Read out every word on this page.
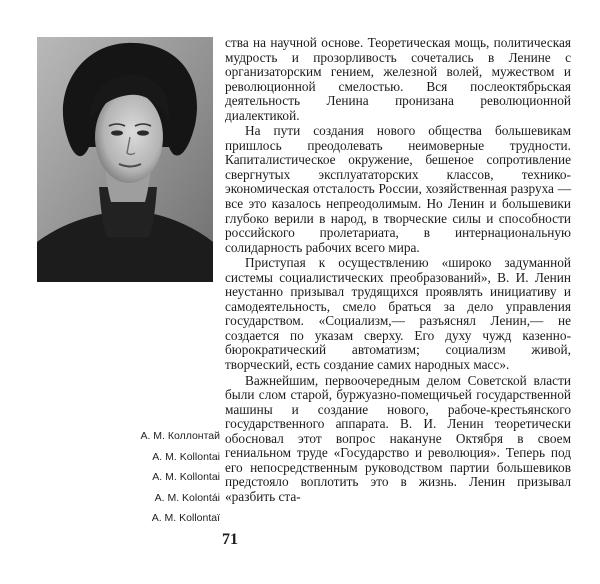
А. М. Коллонтай
A. M. Kollontai
A. M. Kollontai
A. M. Kolontái
A. M. Kollontaï

ства на научной основе. Теоретическая мощь, политическая мудрость и прозорливость сочетались в Ленине с организаторским гением, железной волей, мужеством и революционной смелостью. Вся послеоктябрьская деятельность Ленина пронизана революционной диалектикой.

На пути создания нового общества большевикам пришлось преодолевать неимоверные трудности. Капиталистическое окружение, бешеное сопротивление свергнутых эксплуататорских классов, технико-экономическая отсталость России, хозяйственная разруха — все это казалось непреодолимым. Но Ленин и большевики глубоко верили в народ, в творческие силы и способности российского пролетариата, в интернациональную солидарность рабочих всего мира.

Приступая к осуществлению «широко задуманной системы социалистических преобразований», В. И. Ленин неустанно призывал трудящихся проявлять инициативу и самодеятельность, смело браться за дело управления государством. «Социализм,— разъяснял Ленин,— не создается по указам сверху. Его духу чужд казенно-бюрократический автоматизм; социализм живой, творческий, есть создание самих народных масс».

Важнейшим, первоочередным делом Советской власти были слом старой, буржуазно-помещичьей государственной машины и создание нового, рабоче-крестьянского государственного аппарата. В. И. Ленин теоретически обосновал этот вопрос накануне Октября в своем гениальном труде «Государство и революция». Теперь под его непосредственным руководством партии большевиков предстояло воплотить это в жизнь. Ленин призывал «разбить ста-

71
